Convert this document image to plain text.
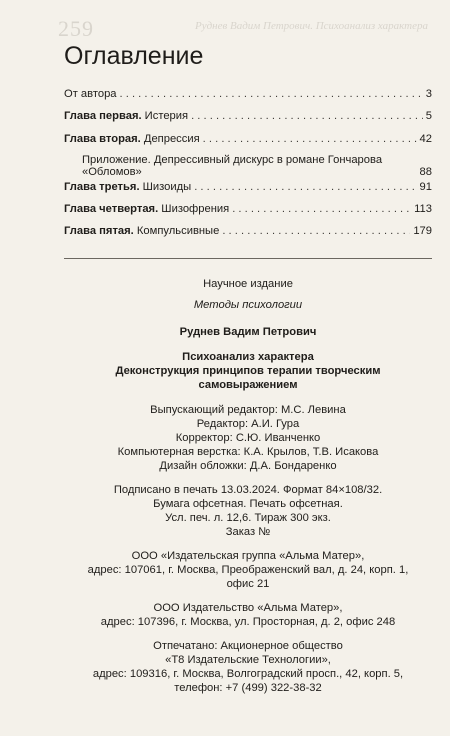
259	Руднев Вадим Петрович. Психоанализ характера
Оглавление
От автора . . .	3
Глава первая. Истерия . . .	5
Глава вторая. Депрессия . . .	42
Приложение. Депрессивный дискурс в романе Гончарова
«Обломов»	88
Глава третья. Шизоиды . . .	91
Глава четвертая. Шизофрения . . .	113
Глава пятая. Компульсивные . . .	179
Научное издание
Методы психологии
Руднев Вадим Петрович
Психоанализ характера
Деконструкция принципов терапии творческим
самовыражением
Выпускающий редактор: М.С. Левина
Редактор: А.И. Гура
Корректор: С.Ю. Иванченко
Компьютерная верстка: К.А. Крылов, Т.В. Исакова
Дизайн обложки: Д.А. Бондаренко
Подписано в печать 13.03.2024. Формат 84×108/32.
Бумага офсетная. Печать офсетная.
Усл. печ. л. 12,6. Тираж 300 экз.
Заказ №
ООО «Издательская группа «Альма Матер»,
адрес: 107061, г. Москва, Преображенский вал, д. 24, корп. 1,
офис 21
ООО Издательство «Альма Матер»,
адрес: 107396, г. Москва, ул. Просторная, д. 2, офис 248
Отпечатано: Акционерное общество
«Т8 Издательские Технологии»,
адрес: 109316, г. Москва, Волгоградский просп., 42, корп. 5,
телефон: +7 (499) 322-38-32
